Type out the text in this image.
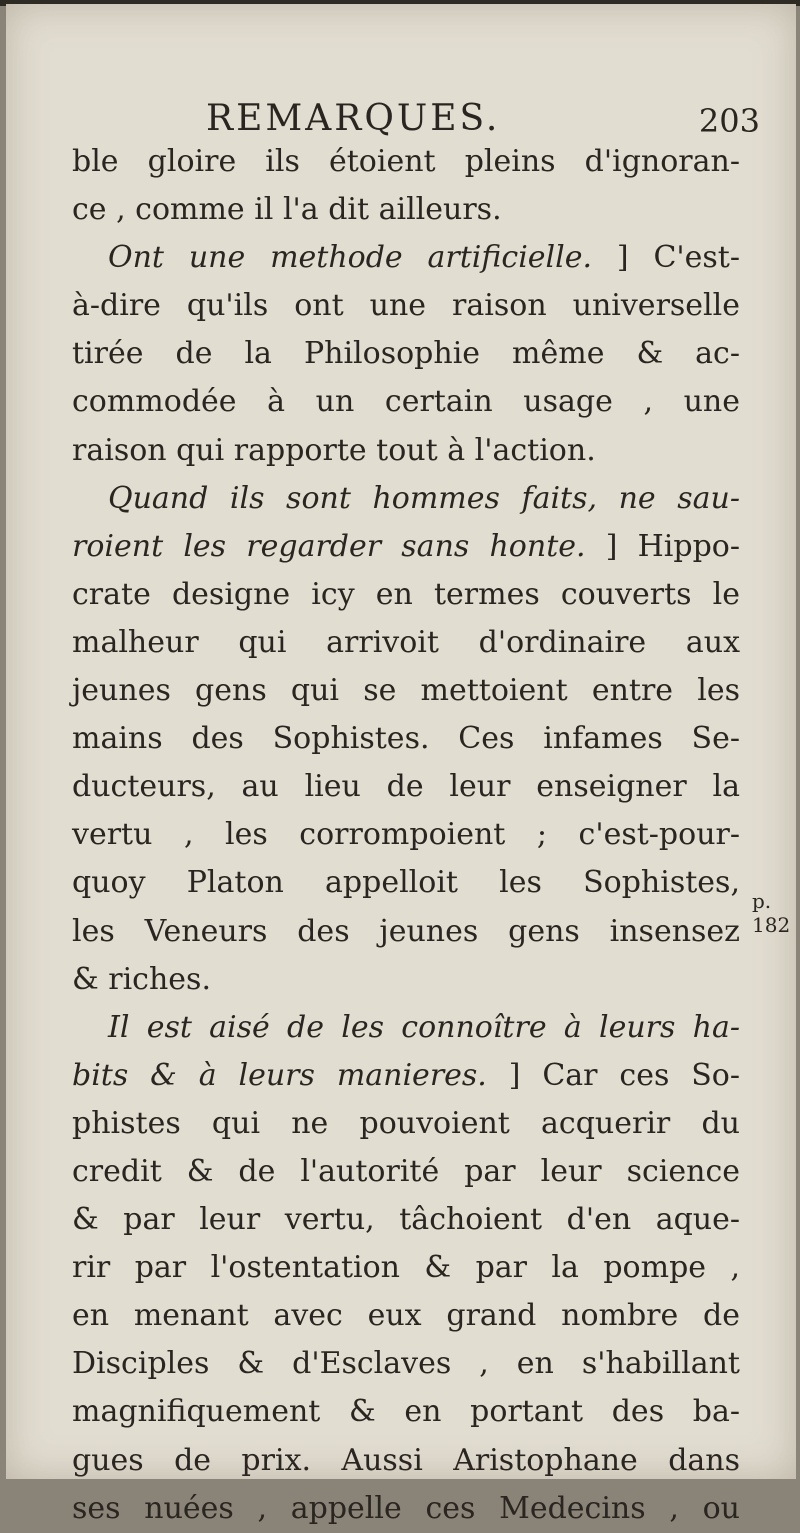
REMARQUES.	203
ble gloire ils étoient pleins d'ignoran-
ce , comme il l'a dit ailleurs.
Ont une methode artificielle. ] C'est-
à-dire qu'ils ont une raison universelle
tirée de la Philosophie même & ac-
commodée à un certain usage , une
raison qui rapporte tout à l'action.
Quand ils sont hommes faits, ne sau-
roient les regarder sans honte. ] Hippo-
crate designe icy en termes couverts le
malheur qui arrivoit d'ordinaire aux
jeunes gens qui se mettoient entre les
mains des Sophistes. Ces infames Se-
ducteurs, au lieu de leur enseigner la
vertu , les corrompoient ; c'est-pour-
quoy Platon appelloit les Sophistes,
les Veneurs des jeunes gens insensez
& riches.
Il est aisé de les connoître à leurs ha-
bits & à leurs manieres. ] Car ces So-
phistes qui ne pouvoient acquerir du
credit & de l'autorité par leur science
& par leur vertu, tâchoient d'en aque-
rir par l'ostentation & par la pompe ,
en menant avec eux grand nombre de
Disciples & d'Esclaves , en s'habillant
magnifiquement & en portant des ba-
gues de prix. Aussi Aristophane dans
ses nuées , appelle ces Medecins , ou
p. 182
